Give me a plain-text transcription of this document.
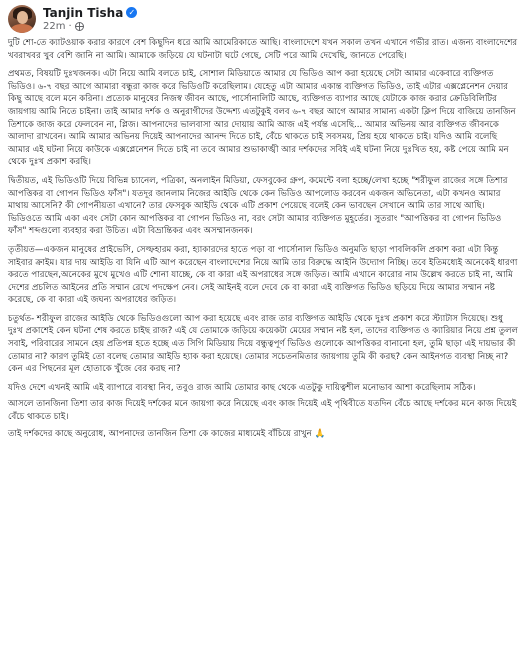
Tanjin Tisha ✓
22m ·

দুটি শো-তে ক্যাটওয়াক করার কারণে বেশ কিছুদিন ধরে আমি আমেরিকাতে আছি। বাংলাদেশে যখন সকাল তখন এখানে গভীর রাত। এজন্য বাংলাদেশের খবরাখবর খুব বেশি জানি না আমি। আমাকে জড়িয়ে যে ঘটনাটা ঘটে গেছে, সেটি পরে আমি দেখেছি, জানতে পেরেছি।

প্রথমত, বিষয়টি দুঃখজনক। এটা নিয়ে আমি বলতে চাই, সোশাল মিডিয়াতে আমার যে ভিডিও আপ করা হয়েছে সেটা আমার একেবারে ব্যক্তিগত ভিডিও। ৬-৭ বছর আগে আমারা বন্ধুরা কাজ করে ভিডিওটি করেছিলাম। যেহেতু এটা আমার একান্ত ব্যক্তিগত ভিডিও, তাই এটার এক্সপ্লেনেশন দেয়ার কিছু আছে বলে মনে করিনা। প্রত্যেক মানুষের নিজস্ব জীবন আছে, পার্সোনালিটি আছে, ব্যক্তিগত ব্যাপার আছে যেটাকে কাজ করার ক্রেডিবিলিটির জায়গায় আমি নিতে চাইনা। তাই আমার দর্শক ও অনুরাগীদের উদ্দেশ্য এতটুকুই বলব ৬-৭ বছর আগে আমার সামান্য একটা ক্লিপ দিয়ে বাজিয়ে তানজিন তিশাকে জাজ করে ফেলবেন না, প্লিজ। আপনাদের ভালবাসা আর দোয়ায় আমি আজ এই পর্যন্ত এসেছি... আমার অভিনয় আর ব্যক্তিগত জীবনকে আলাদা রাখবেন। আমি আমার অভিনয় দিয়েই আপনাদের আনন্দ দিতে চাই, বেঁচে থাকতে চাই সবসময়, প্রিয় হয়ে থাকতে চাই। যদিও আমি বলেছি আমার এই ঘটনা নিয়ে কাউকে এক্সপ্লেনেশন দিতে চাই না তবে আমার শুভাকাঙ্খী আর দর্শকদের সবিই এই ঘটনা নিয়ে দুঃখিত হয়, কষ্ট পেয়ে আমি মন থেকে দুঃখ প্রকাশ করছি।

দ্বিতীয়ত, এই ভিডিওটি দিয়ে বিভিন্ন চ্যানেল, পত্রিকা, অনলাইন মিডিয়া, ফেসবুকের গ্রুপ, কমেন্টে বলা হচ্ছে/লেখা হচ্ছে "শরীফুল রাজের সঙ্গে তিশার আপত্তিকর বা গোপন ভিডিও ফাঁস"। যতদূর জানলাম নিজের আইডি থেকে কেন ভিডিও আপলোড করবেন একজন অভিনেতা, এটা কখনও আমার মাথায় আসেনি? কী গোপনীয়তা এখানে? তার ফেসবুক আইডি থেকে এটি প্রকাশ পেয়েছে বলেই কেন ভাবছেন সেখানে আমি তার সাথে আছি। ভিডিওতে আমি একা এবং সেটা কোন আপত্তিকর বা গোপন ভিডিও না, বরং সেটা আমার ব্যক্তিগত মুহূর্তের। সুতরাং "আপত্তিকর বা গোপন ভিডিও ফাঁস" শব্দগুলো ব্যবহার করা উচিত। এটা বিভ্রান্তিকর এবং অসম্মানজনক।

তৃতীয়ত—একজন মানুষের প্রাইভেসি, সেল্ফহারম করা, হ্যাকারদের হাতে পড়া বা পার্সোনাল ভিডিও অনুমতি ছাড়া পাবলিকলি প্রকাশ করা এটা কিন্তু সাইবার ক্রাইম। যার দায় আইডি বা যিনি এটি আপ করেছেন বাংলাদেশের নিয়ে আমি তার বিরুদ্ধে আইনি উদ্যোগ নিচ্ছি। তবে ইতিমধ্যেই অনেকেই ধারণা করতে পারছেন,অনেকের মুখে মুখেও এটি শোনা যাচ্ছে, কে বা কারা এই অপরাধের সঙ্গে জড়িত। আমি এখানে কারোর নাম উল্লেখ করতে চাই না, আমি দেশের প্রচলিত আইনের প্রতি সম্মান রেখে পদক্ষেপ নেব। সেই আইনই বলে দেবে কে বা কারা এই ব্যক্তিগত ভিডিও ছড়িয়ে দিয়ে আমার সম্মান নষ্ট করেছে, কে বা কারা এই জঘন্য অপরাধের জড়িত।

চতুর্থত- শরীফুল রাজের আইডি থেকে ভিডিওগুলো আপ করা হয়েছে এবং রাজ তার ব্যক্তিগত আইডি থেকে দুঃখ প্রকাশ করে স্ট্যাটাস দিয়েছে। শুধু দুঃখ প্রকাশেই কেন ঘটনা শেষ করতে চাইছ রাজ? এই যে তোমাকে জড়িয়ে কয়েকটা মেয়ের সম্মান নষ্ট হল, তাদের ব্যক্তিগত ও ক্যারিয়ার নিয়ে প্রশ্ন তুলল সবাই, পরিবারের সামনে হেয় প্রতিপন্ন হতে হচ্ছে এত সিগি মিডিয়ায় দিয়ে বন্ধুত্বপূর্ণ ভিডিও গুলোকে আপত্তিকর বানানো হল, তুমি ছাড়া এই দায়ভার কী তোমার না? কারণ তুমিই তো বলেছ তোমার আইডি হ্যাক করা হয়েছে। তোমার সচেতনমিতার জায়গায় তুমি কী করছ? কেন আইনগত ব্যবস্থা নিচ্ছ না? কেন এর পিছনের মূল হোতাকে খুঁজে বের করছ না?

যদিও দেশে এখনই আমি এই ব্যাপারে ব্যবস্থা নিব, তবুও রাজ আমি তোমার কাছ থেকে এতটুকু দায়িত্বশীল মনোভাব আশা করেছিলাম সঠিক।

আসলে তানজিনা তিশা তার কাজ দিয়েই দর্শকের মনে জায়গা করে নিয়েছে এবং কাজ দিয়েই এই পৃথিবীতে যতদিন বেঁচে আছে দর্শকের মনে কাজ দিয়েই বেঁচে থাকতে চাই।

তাই দর্শকদের কাছে অনুরোধ, আপনাদের তানজিন তিশা কে কাজের মাধ্যমেই বাঁচিয়ে রাখুন 🙏
